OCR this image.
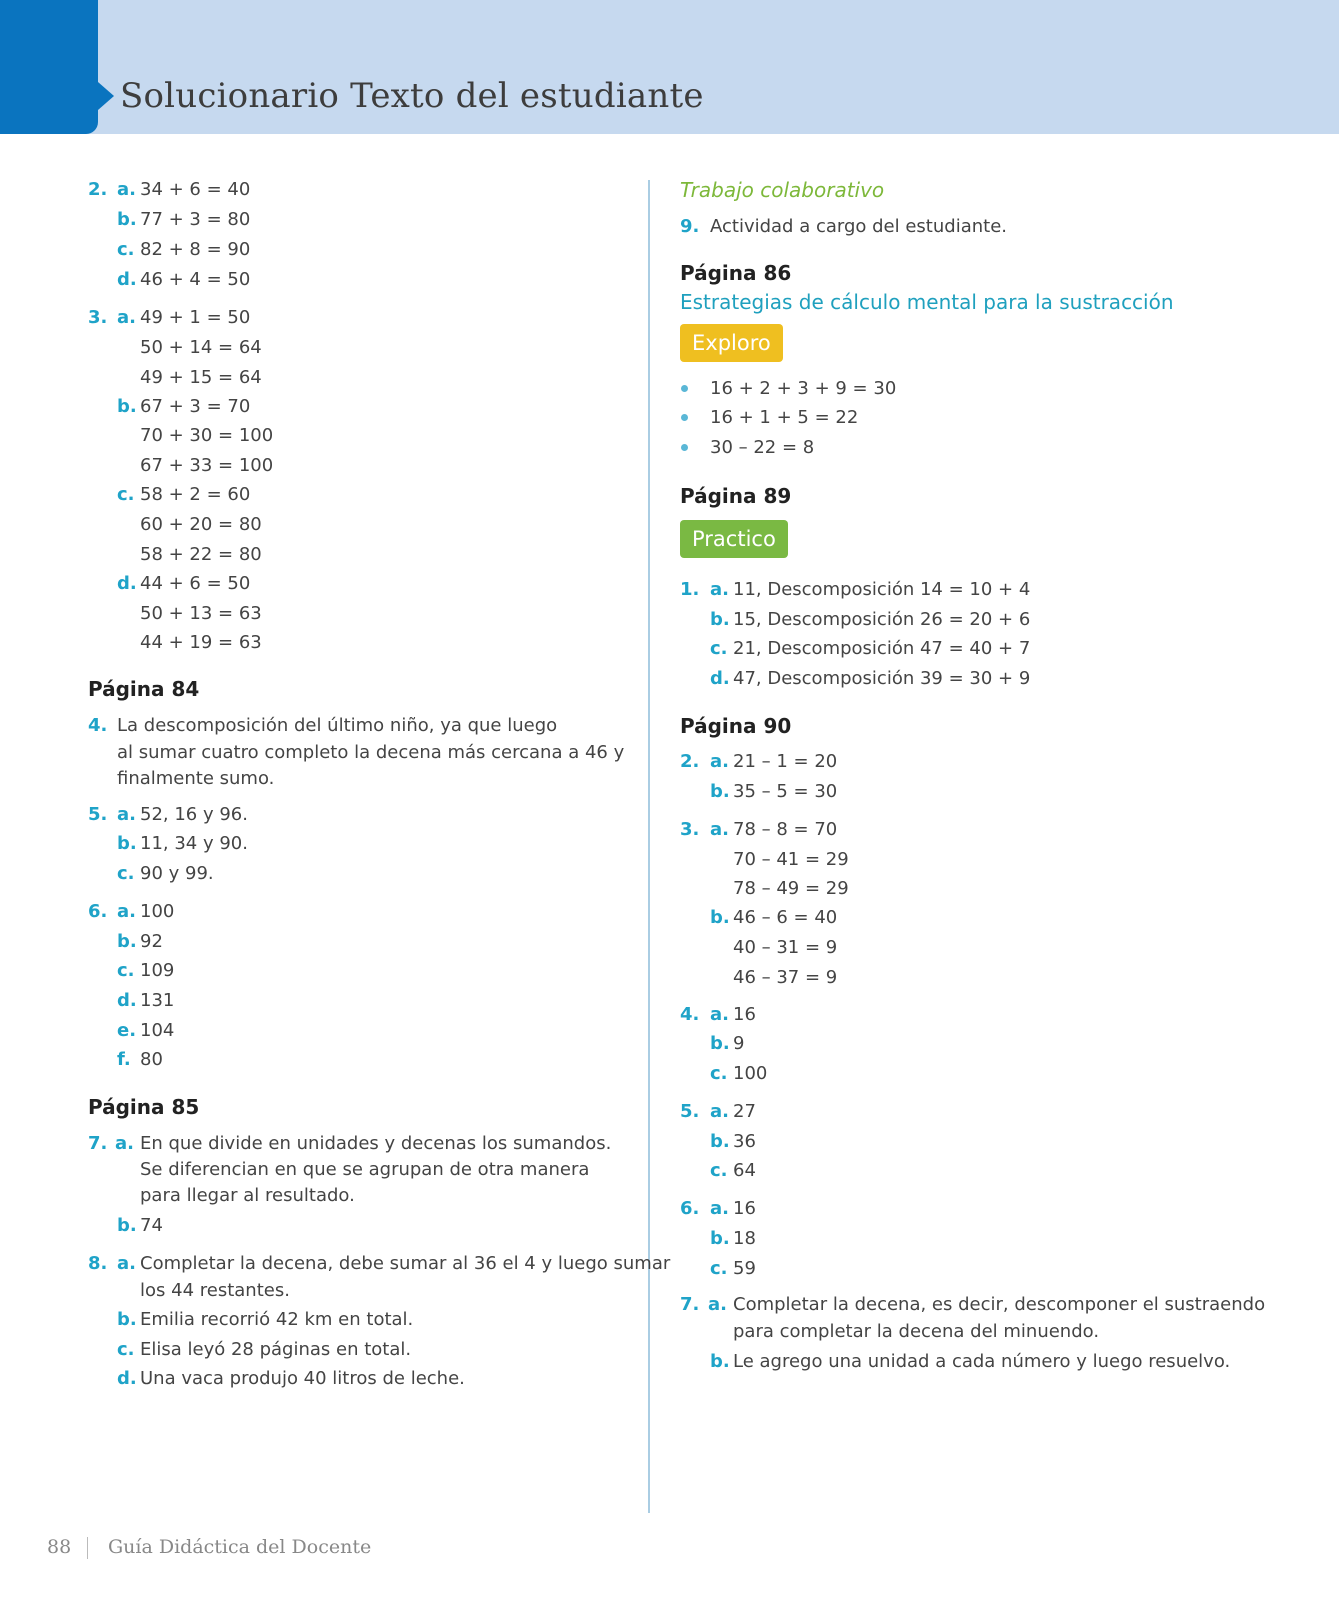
Solucionario Texto del estudiante
2. a. 34 + 6 = 40
b. 77 + 3 = 80
c. 82 + 8 = 90
d. 46 + 4 = 50
3. a. 49 + 1 = 50
50 + 14 = 64
49 + 15 = 64
b. 67 + 3 = 70
70 + 30 = 100
67 + 33 = 100
c. 58 + 2 = 60
60 + 20 = 80
58 + 22 = 80
d. 44 + 6 = 50
50 + 13 = 63
44 + 19 = 63
Página 84
4. La descomposición del último niño, ya que luego
al sumar cuatro completo la decena más cercana a 46 y
finalmente sumo.
5. a. 52, 16 y 96.
b. 11, 34 y 90.
c. 90 y 99.
6. a. 100
b. 92
c. 109
d. 131
e. 104
f. 80
Página 85
7. a. En que divide en unidades y decenas los sumandos.
Se diferencian en que se agrupan de otra manera
para llegar al resultado.
b. 74
8. a. Completar la decena, debe sumar al 36 el 4 y luego sumar
los 44 restantes.
b. Emilia recorrió 42 km en total.
c. Elisa leyó 28 páginas en total.
d. Una vaca produjo 40 litros de leche.
Trabajo colaborativo
9. Actividad a cargo del estudiante.
Página 86
Estrategias de cálculo mental para la sustracción
Exploro
16 + 2 + 3 + 9 = 30
16 + 1 + 5 = 22
30 – 22 = 8
Página 89
Practico
1. a. 11, Descomposición 14 = 10 + 4
b. 15, Descomposición 26 = 20 + 6
c. 21, Descomposición 47 = 40 + 7
d. 47, Descomposición 39 = 30 + 9
Página 90
2. a. 21 – 1 = 20
b. 35 – 5 = 30
3. a. 78 – 8 = 70
70 – 41 = 29
78 – 49 = 29
b. 46 – 6 = 40
40 – 31 = 9
46 – 37 = 9
4. a. 16
b. 9
c. 100
5. a. 27
b. 36
c. 64
6. a. 16
b. 18
c. 59
7. a. Completar la decena, es decir, descomponer el sustraendo
para completar la decena del minuendo.
b. Le agrego una unidad a cada número y luego resuelvo.
88 Guía Didáctica del Docente
